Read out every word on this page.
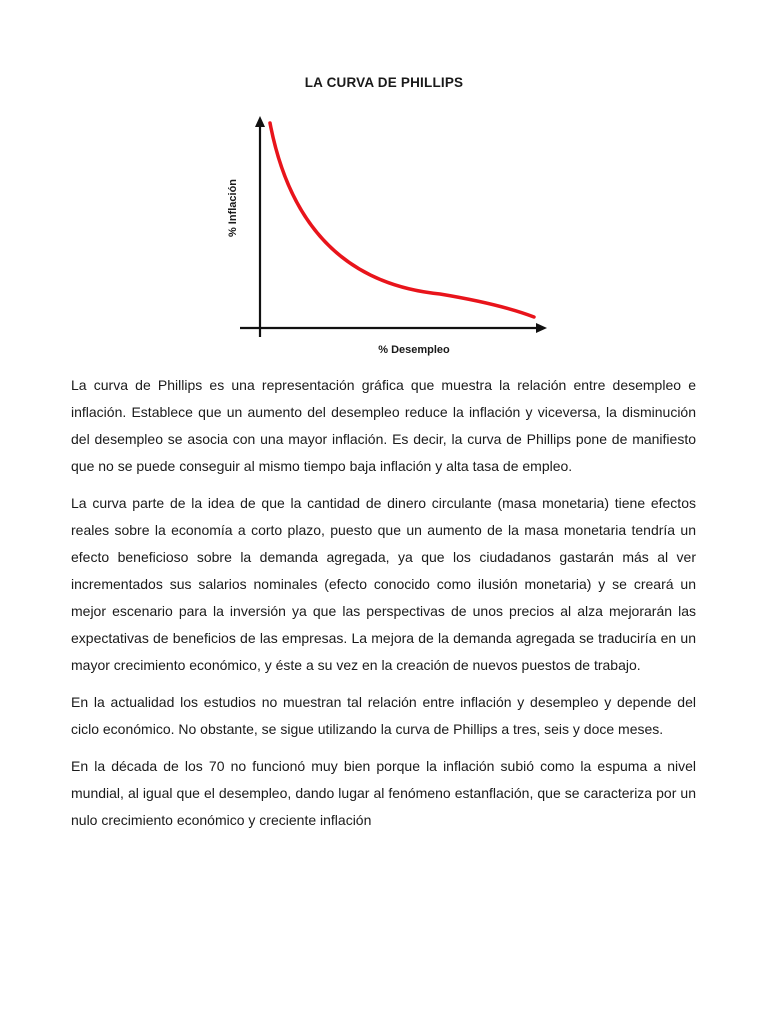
LA CURVA DE PHILLIPS
% Inflación
% Desempleo

La curva de Phillips es una representación gráfica que muestra la relación entre desempleo e inflación. Establece que un aumento del desempleo reduce la inflación y viceversa, la disminución del desempleo se asocia con una mayor inflación. Es decir, la curva de Phillips pone de manifiesto que no se puede conseguir al mismo tiempo baja inflación y alta tasa de empleo.

La curva parte de la idea de que la cantidad de dinero circulante (masa monetaria) tiene efectos reales sobre la economía a corto plazo, puesto que un aumento de la masa monetaria tendría un efecto beneficioso sobre la demanda agregada, ya que los ciudadanos gastarán más al ver incrementados sus salarios nominales (efecto conocido como ilusión monetaria) y se creará un mejor escenario para la inversión ya que las perspectivas de unos precios al alza mejorarán las expectativas de beneficios de las empresas. La mejora de la demanda agregada se traduciría en un mayor crecimiento económico, y éste a su vez en la creación de nuevos puestos de trabajo.

En la actualidad los estudios no muestran tal relación entre inflación y desempleo y depende del ciclo económico. No obstante, se sigue utilizando la curva de Phillips a tres, seis y doce meses.

En la década de los 70 no funcionó muy bien porque la inflación subió como la espuma a nivel mundial, al igual que el desempleo, dando lugar al fenómeno estanflación, que se caracteriza por un nulo crecimiento económico y creciente inflación
